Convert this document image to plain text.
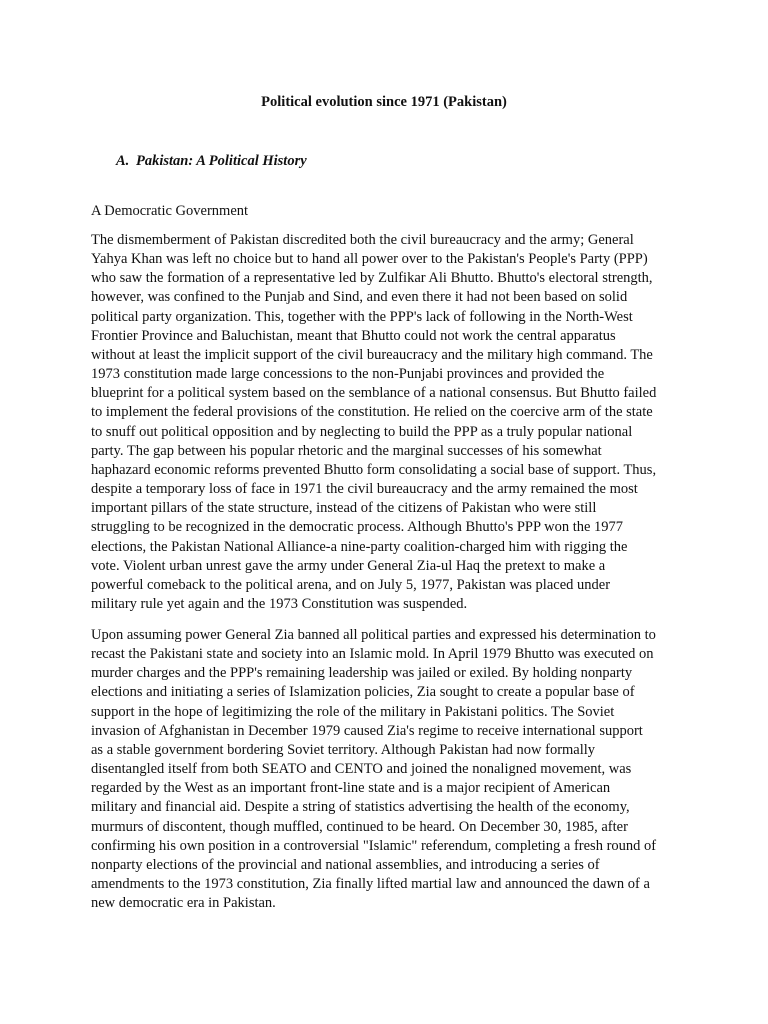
Political evolution since 1971 (Pakistan)
A. Pakistan: A Political History
A Democratic Government

The dismemberment of Pakistan discredited both the civil bureaucracy and the army; General
Yahya Khan was left no choice but to hand all power over to the Pakistan's People's Party (PPP)
who saw the formation of a representative led by Zulfikar Ali Bhutto. Bhutto's electoral strength,
however, was confined to the Punjab and Sind, and even there it had not been based on solid
political party organization. This, together with the PPP's lack of following in the North-West
Frontier Province and Baluchistan, meant that Bhutto could not work the central apparatus
without at least the implicit support of the civil bureaucracy and the military high command. The
1973 constitution made large concessions to the non-Punjabi provinces and provided the
blueprint for a political system based on the semblance of a national consensus. But Bhutto failed
to implement the federal provisions of the constitution. He relied on the coercive arm of the state
to snuff out political opposition and by neglecting to build the PPP as a truly popular national
party. The gap between his popular rhetoric and the marginal successes of his somewhat
haphazard economic reforms prevented Bhutto form consolidating a social base of support. Thus,
despite a temporary loss of face in 1971 the civil bureaucracy and the army remained the most
important pillars of the state structure, instead of the citizens of Pakistan who were still
struggling to be recognized in the democratic process. Although Bhutto's PPP won the 1977
elections, the Pakistan National Alliance-a nine-party coalition-charged him with rigging the
vote. Violent urban unrest gave the army under General Zia-ul Haq the pretext to make a
powerful comeback to the political arena, and on July 5, 1977, Pakistan was placed under
military rule yet again and the 1973 Constitution was suspended.

Upon assuming power General Zia banned all political parties and expressed his determination to
recast the Pakistani state and society into an Islamic mold. In April 1979 Bhutto was executed on
murder charges and the PPP's remaining leadership was jailed or exiled. By holding nonparty
elections and initiating a series of Islamization policies, Zia sought to create a popular base of
support in the hope of legitimizing the role of the military in Pakistani politics. The Soviet
invasion of Afghanistan in December 1979 caused Zia's regime to receive international support
as a stable government bordering Soviet territory. Although Pakistan had now formally
disentangled itself from both SEATO and CENTO and joined the nonaligned movement, was
regarded by the West as an important front-line state and is a major recipient of American
military and financial aid. Despite a string of statistics advertising the health of the economy,
murmurs of discontent, though muffled, continued to be heard. On December 30, 1985, after
confirming his own position in a controversial "Islamic" referendum, completing a fresh round of
nonparty elections of the provincial and national assemblies, and introducing a series of
amendments to the 1973 constitution, Zia finally lifted martial law and announced the dawn of a
new democratic era in Pakistan.
